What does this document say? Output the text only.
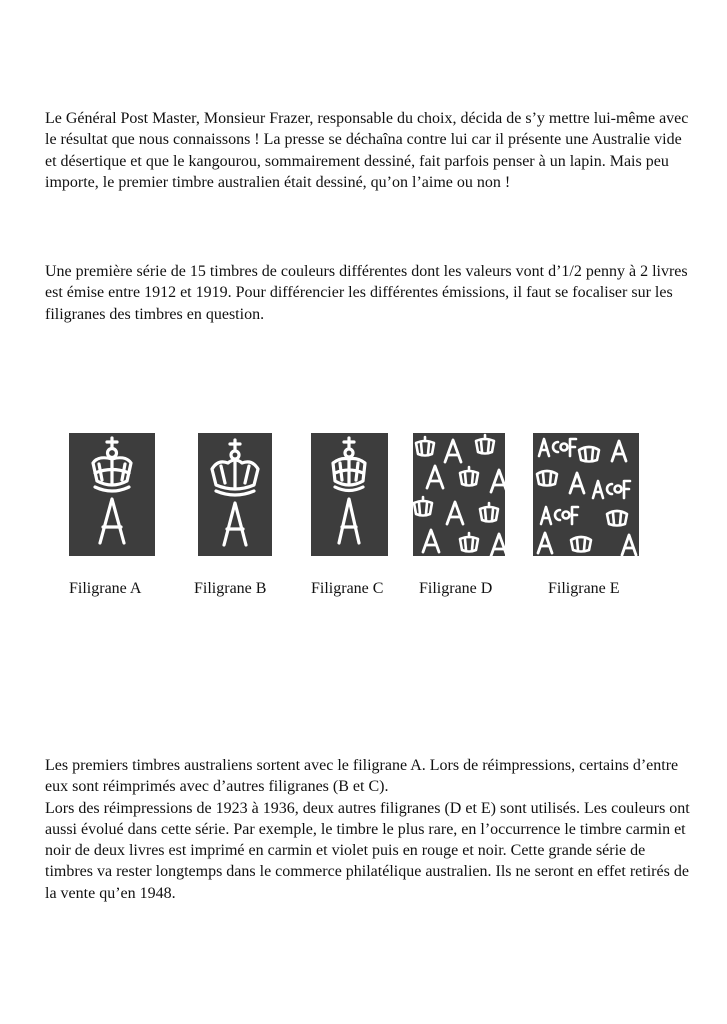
Le Général Post Master, Monsieur Frazer, responsable du choix, décida de s’y mettre lui-même avec le résultat que nous connaissons ! La presse se déchaîna contre lui car il présente une Australie vide et désertique et que le kangourou, sommairement dessiné, fait parfois penser à un lapin. Mais peu importe, le premier timbre australien était dessiné, qu’on l’aime ou non !

Une première série de 15 timbres de couleurs différentes dont les valeurs vont d’1/2 penny à 2 livres est émise entre 1912 et 1919. Pour différencier les différentes émissions, il faut se focaliser sur les filigranes des timbres en question.

Filigrane A	Filigrane B	Filigrane C Filigrane D	Filigrane E
Les premiers timbres australiens sortent avec le filigrane A. Lors de réimpressions, certains d’entre eux sont réimprimés avec d’autres filigranes (B et C).
Lors des réimpressions de 1923 à 1936, deux autres filigranes (D et E) sont utilisés. Les couleurs ont aussi évolué dans cette série. Par exemple, le timbre le plus rare, en l’occurrence le timbre carmin et noir de deux livres est imprimé en carmin et violet puis en rouge et noir. Cette grande série de timbres va rester longtemps dans le commerce philatélique australien. Ils ne seront en effet retirés de la vente qu’en 1948.
